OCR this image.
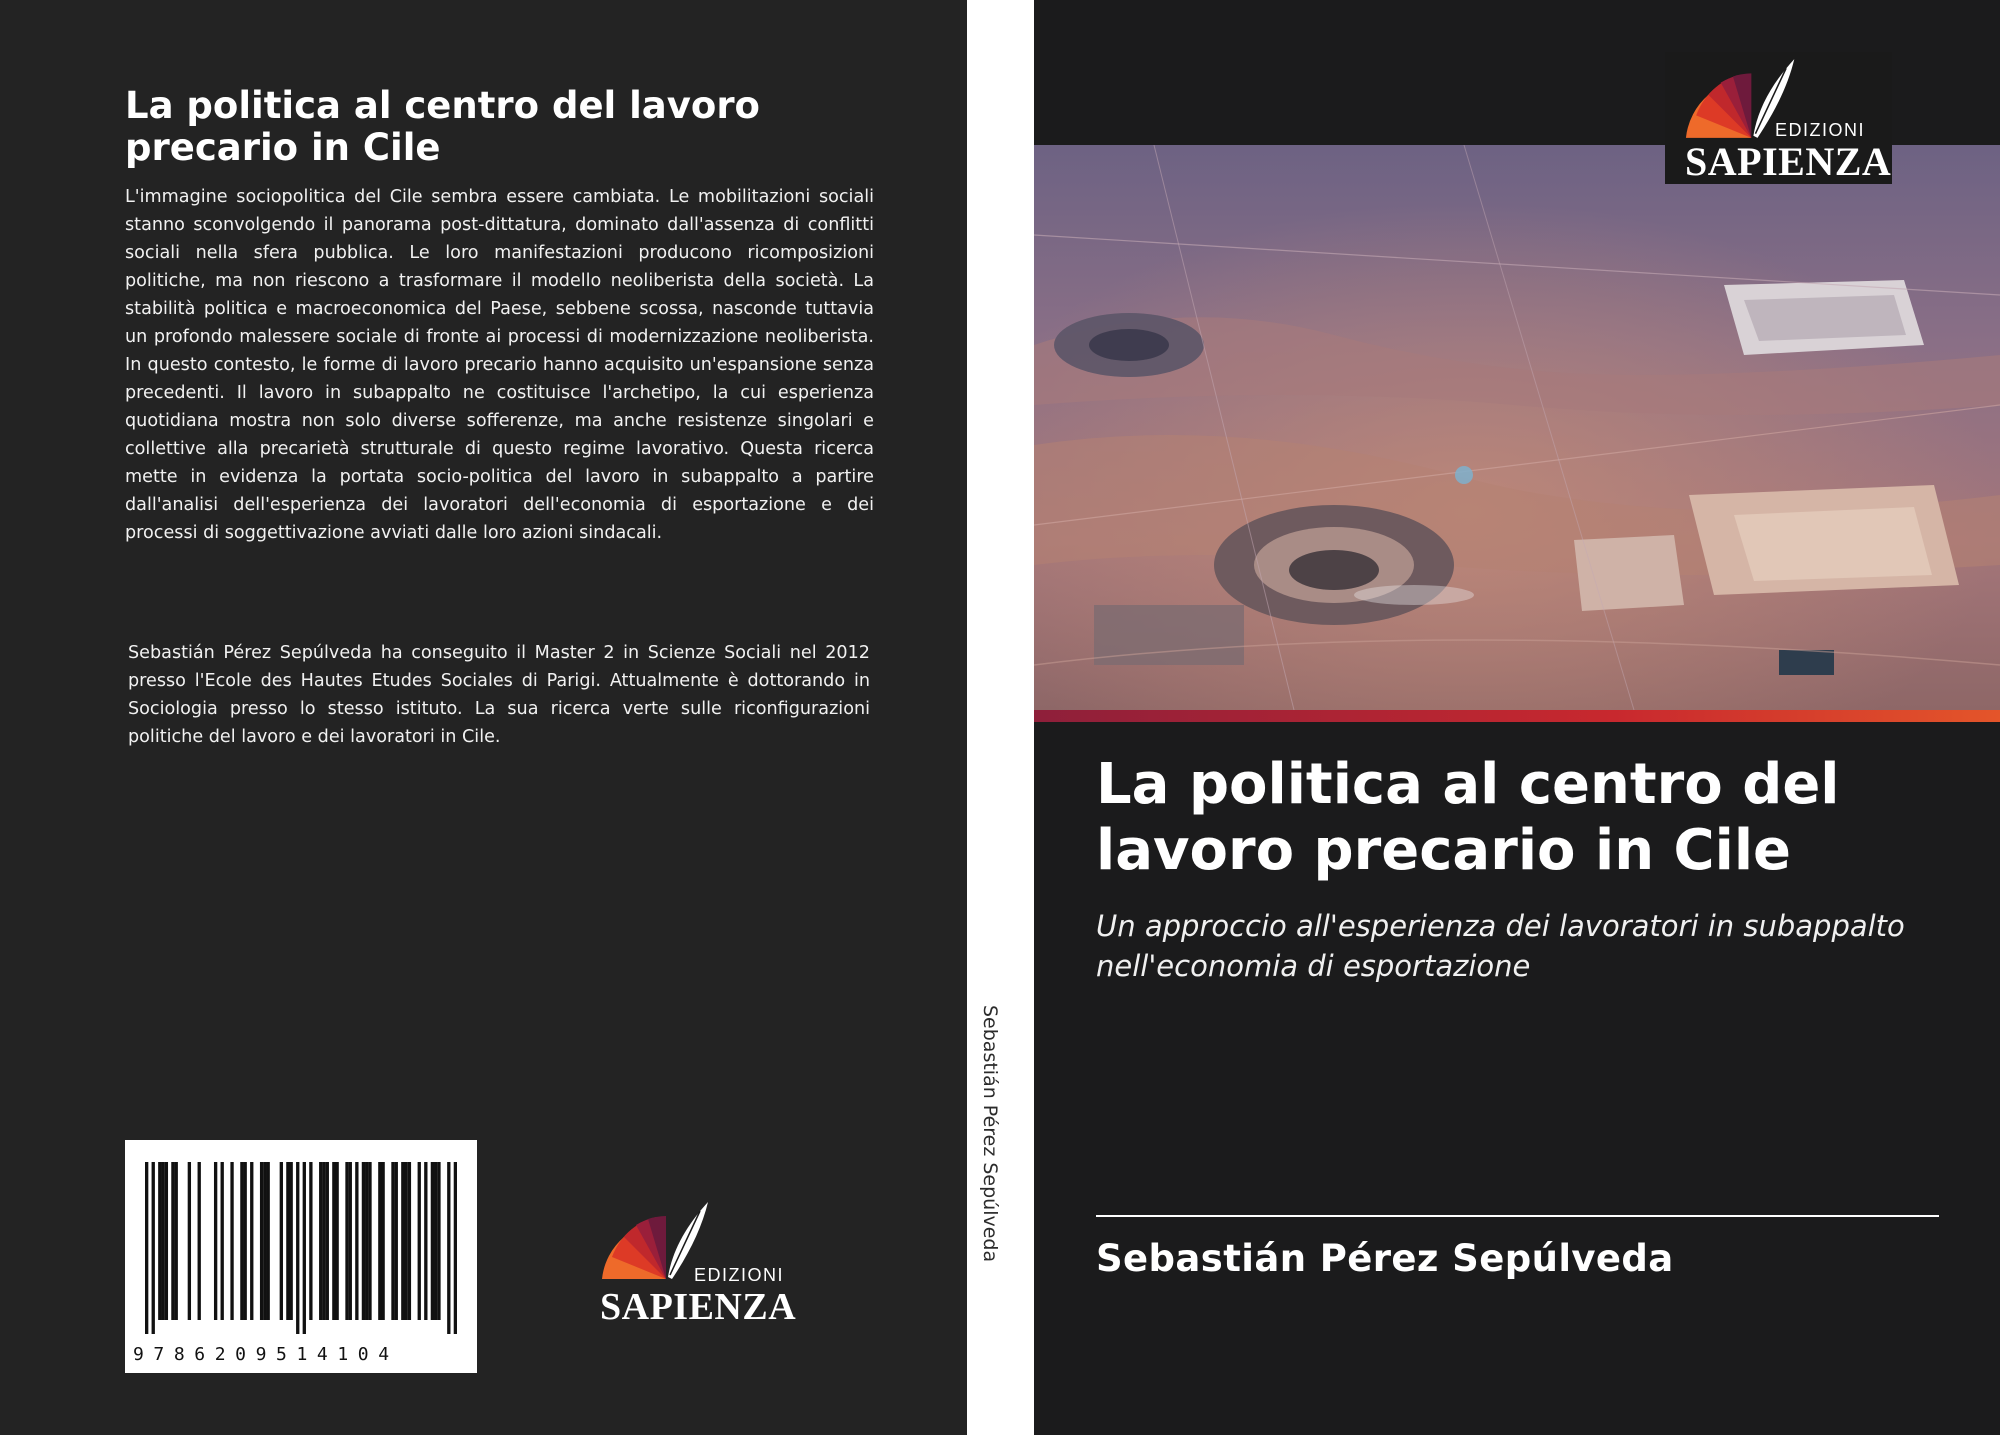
La politica al centro del lavoro precario in Cile

L'immagine sociopolitica del Cile sembra essere cambiata. Le mobilitazioni sociali stanno sconvolgendo il panorama post-dittatura, dominato dall'assenza di conflitti sociali nella sfera pubblica. Le loro manifestazioni producono ricomposizioni politiche, ma non riescono a trasformare il modello neoliberista della società. La stabilità politica e macroeconomica del Paese, sebbene scossa, nasconde tuttavia un profondo malessere sociale di fronte ai processi di modernizzazione neoliberista. In questo contesto, le forme di lavoro precario hanno acquisito un'espansione senza precedenti. Il lavoro in subappalto ne costituisce l'archetipo, la cui esperienza quotidiana mostra non solo diverse sofferenze, ma anche resistenze singolari e collettive alla precarietà strutturale di questo regime lavorativo. Questa ricerca mette in evidenza la portata socio-politica del lavoro in subappalto a partire dall'analisi dell'esperienza dei lavoratori dell'economia di esportazione e dei processi di soggettivazione avviati dalle loro azioni sindacali.

Sebastián Pérez Sepúlveda ha conseguito il Master 2 in Scienze Sociali nel 2012 presso l'Ecole des Hautes Etudes Sociales di Parigi. Attualmente è dottorando in Sociologia presso lo stesso istituto. La sua ricerca verte sulle riconfigurazioni politiche del lavoro e dei lavoratori in Cile.

9786209514104
EDIZIONI
SAPIENZA
Sebastián Pérez Sepúlveda
EDIZIONI
SAPIENZA
La politica al centro del lavoro precario in Cile

Un approccio all'esperienza dei lavoratori in subappalto nell'economia di esportazione

Sebastián Pérez Sepúlveda
